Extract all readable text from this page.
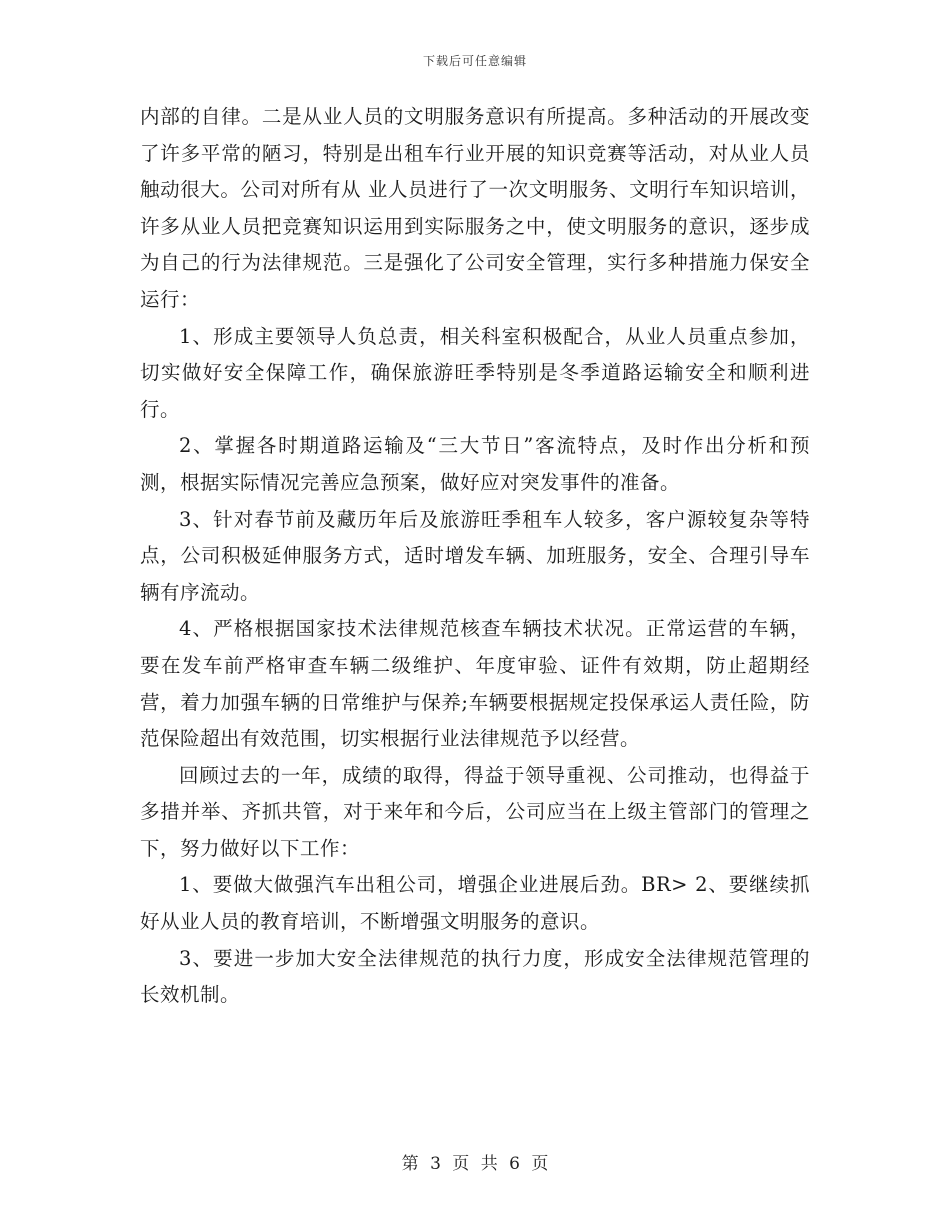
下载后可任意编辑

内部的自律。二是从业人员的文明服务意识有所提高。多种活动的开展改变了许多平常的陋习，特别是出租车行业开展的知识竞赛等活动，对从业人员触动很大。公司对所有从 业人员进行了一次文明服务、文明行车知识培训，许多从业人员把竞赛知识运用到实际服务之中，使文明服务的意识，逐步成为自己的行为法律规范。三是强化了公司安全管理，实行多种措施力保安全运行：

1、形成主要领导人负总责，相关科室积极配合，从业人员重点参加，切实做好安全保障工作，确保旅游旺季特别是冬季道路运输安全和顺利进行。

2、掌握各时期道路运输及“三大节日”客流特点，及时作出分析和预测，根据实际情况完善应急预案，做好应对突发事件的准备。

3、针对春节前及藏历年后及旅游旺季租车人较多，客户源较复杂等特点，公司积极延伸服务方式，适时增发车辆、加班服务，安全、合理引导车辆有序流动。

4、严格根据国家技术法律规范核查车辆技术状况。正常运营的车辆，要在发车前严格审查车辆二级维护、年度审验、证件有效期，防止超期经营，着力加强车辆的日常维护与保养;车辆要根据规定投保承运人责任险，防范保险超出有效范围，切实根据行业法律规范予以经营。

回顾过去的一年，成绩的取得，得益于领导重视、公司推动，也得益于多措并举、齐抓共管，对于来年和今后，公司应当在上级主管部门的管理之下，努力做好以下工作：

1、要做大做强汽车出租公司，增强企业进展后劲。BR> 2、要继续抓好从业人员的教育培训，不断增强文明服务的意识。

3、要进一步加大安全法律规范的执行力度，形成安全法律规范管理的长效机制。

第 3 页 共 6 页
